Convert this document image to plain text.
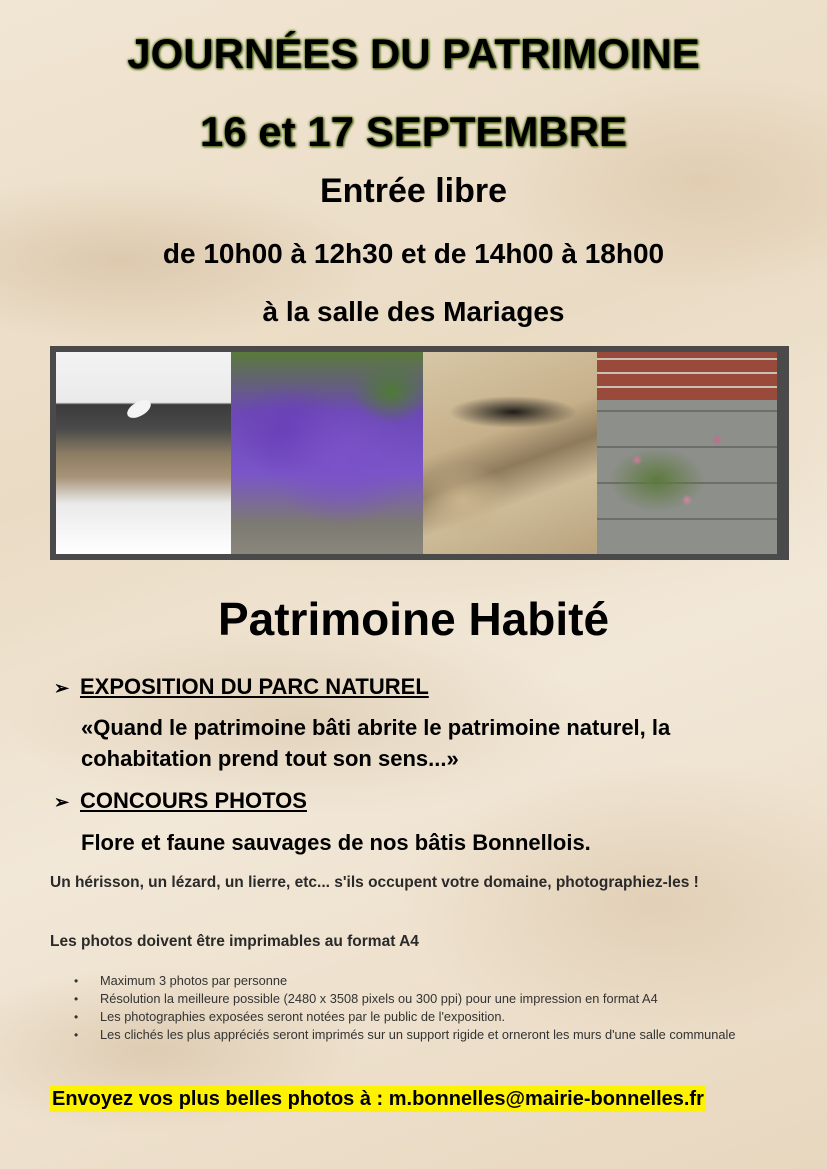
JOURNÉES DU PATRIMOINE
16 et 17 SEPTEMBRE
Entrée libre
de 10h00 à 12h30 et de 14h00 à 18h00
à la salle des Mariages
Patrimoine Habité
➢ EXPOSITION DU PARC NATUREL
«Quand le patrimoine bâti abrite le patrimoine naturel, la cohabitation prend tout son sens...»
➢ CONCOURS PHOTOS
Flore et faune sauvages de nos bâtis Bonnellois.
Un hérisson, un lézard, un lierre, etc... s'ils occupent votre domaine, photographiez-les !
Les photos doivent être imprimables au format A4
• Maximum 3 photos par personne
• Résolution la meilleure possible (2480 x 3508 pixels ou 300 ppi) pour une impression en format A4
• Les photographies exposées seront notées par le public de l'exposition.
• Les clichés les plus appréciés seront imprimés sur un support rigide et orneront les murs d'une salle communale
Envoyez vos plus belles photos à : m.bonnelles@mairie-bonnelles.fr
